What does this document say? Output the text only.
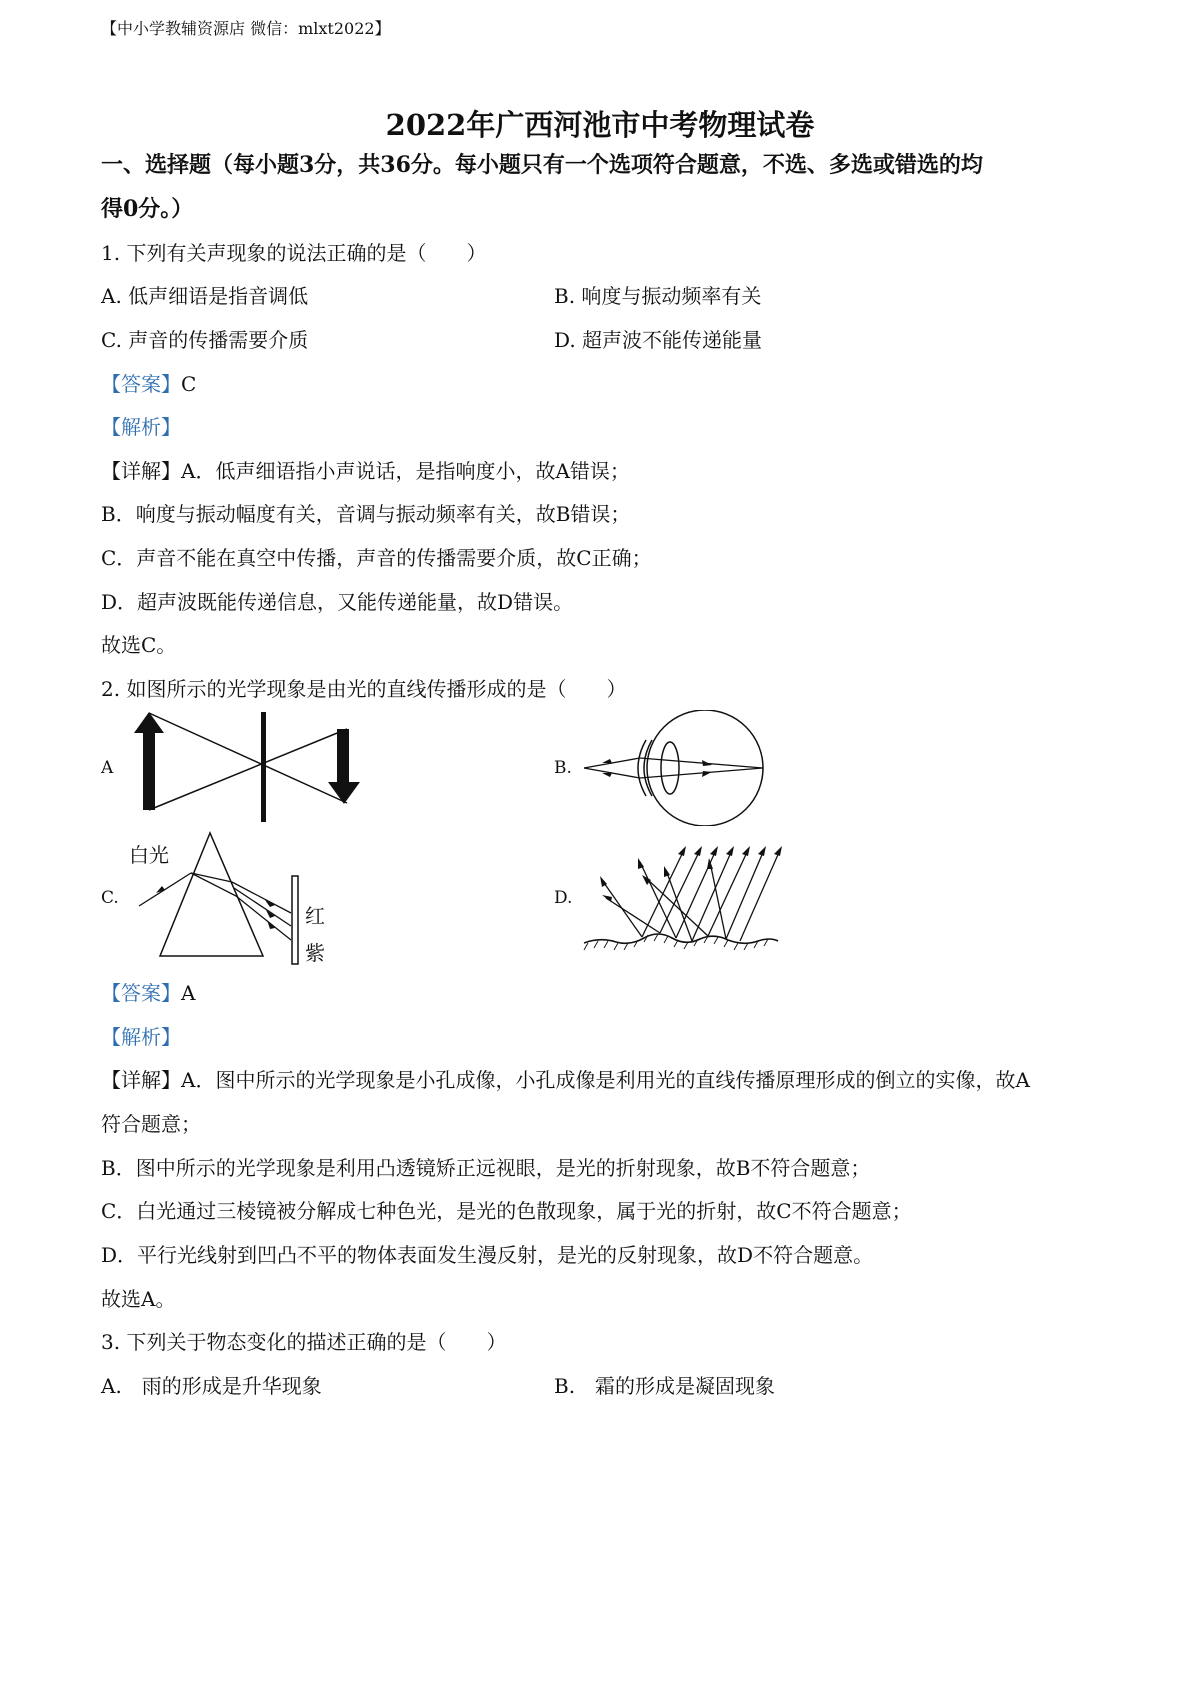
【中小学教辅资源店 微信：mlxt2022】
2022年广西河池市中考物理试卷
一、选择题（每小题3分，共36分。每小题只有一个选项符合题意，不选、多选或错选的均
得0分。）
1. 下列有关声现象的说法正确的是（　　）
A. 低声细语是指音调低	B. 响度与振动频率有关
C. 声音的传播需要介质	D. 超声波不能传递能量
【答案】C
【解析】
【详解】A．低声细语指小声说话，是指响度小，故A错误；
B．响度与振动幅度有关，音调与振动频率有关，故B错误；
C．声音不能在真空中传播，声音的传播需要介质，故C正确；
D．超声波既能传递信息，又能传递能量，故D错误。
故选C。
2. 如图所示的光学现象是由光的直线传播形成的是（　　）
A	B.
C.
白光
红
紫
D.
【答案】A
【解析】
【详解】A．图中所示的光学现象是小孔成像，小孔成像是利用光的直线传播原理形成的倒立的实像，故A
符合题意；
B．图中所示的光学现象是利用凸透镜矫正远视眼，是光的折射现象，故B不符合题意；
C．白光通过三棱镜被分解成七种色光，是光的色散现象，属于光的折射，故C不符合题意；
D．平行光线射到凹凸不平的物体表面发生漫反射，是光的反射现象，故D不符合题意。
故选A。
3. 下列关于物态变化的描述正确的是（　　）
A.　雨的形成是升华现象	B.　霜的形成是凝固现象
